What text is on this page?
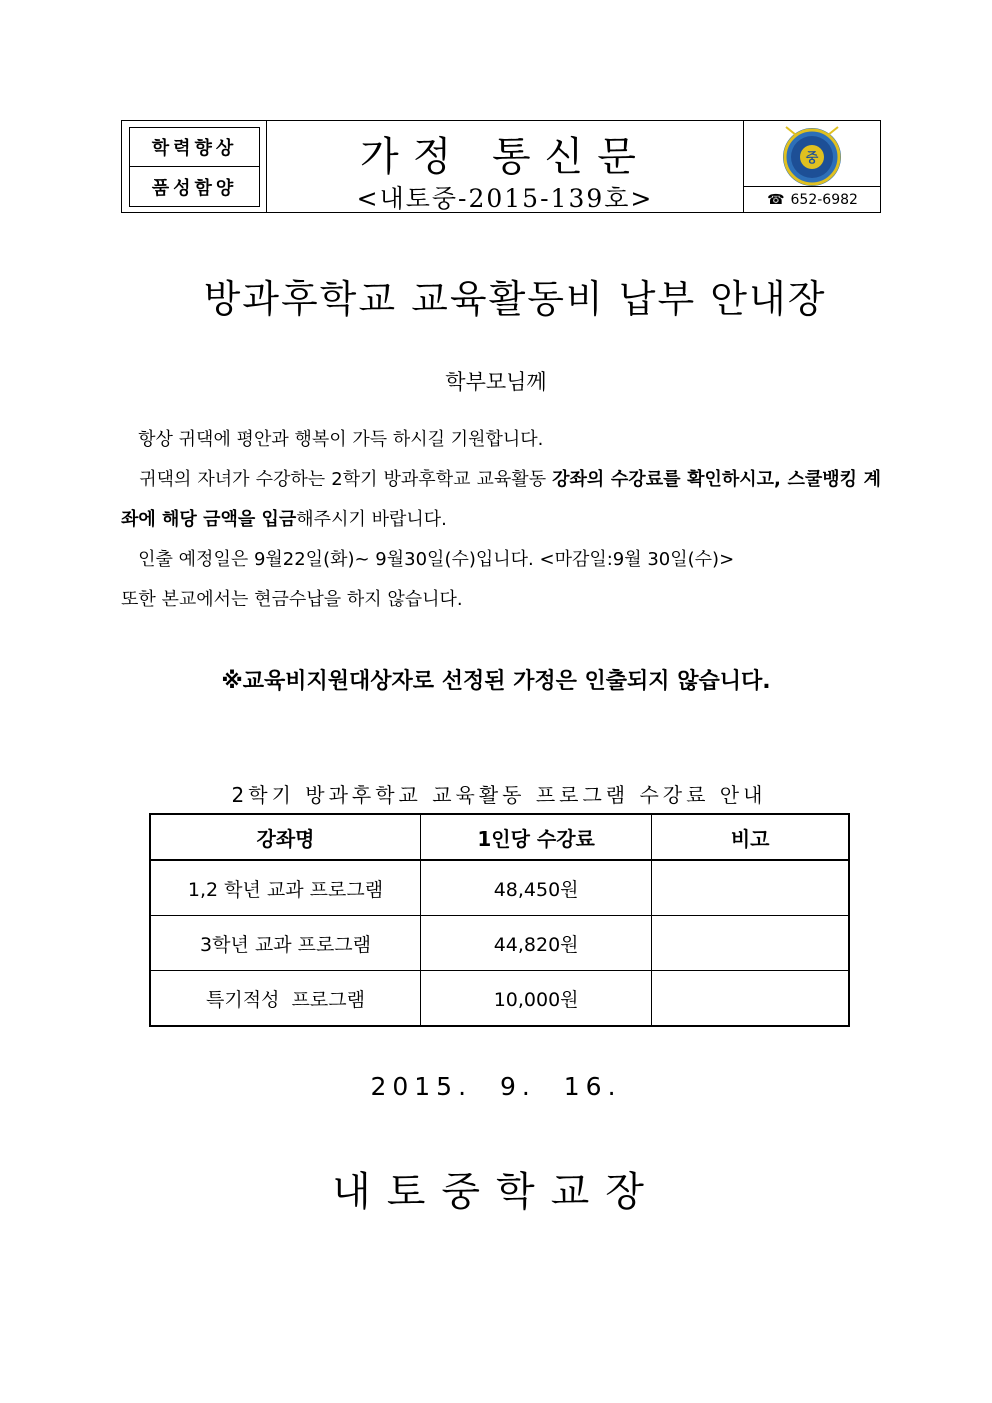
학력향상
품성함양
가정 통신문
<내토중-2015-139호>
중
☎ 652-6982
방과후학교 교육활동비 납부 안내장
학부모님께
항상 귀댁에 평안과 행복이 가득 하시길 기원합니다.
귀댁의 자녀가 수강하는 2학기 방과후학교 교육활동 강좌의 수강료를 확인하시고, 스쿨뱅킹 계좌에 해당 금액을 입금해주시기 바랍니다.
인출 예정일은 9월22일(화)~ 9월30일(수)입니다. <마감일:9월 30일(수)>
또한 본교에서는 현금수납을 하지 않습니다.
※교육비지원대상자로 선정된 가정은 인출되지 않습니다.
2학기 방과후학교 교육활동 프로그램 수강료 안내
강좌명	1인당 수강료	비고
1,2 학년 교과 프로그램	48,450원	
3학년 교과 프로그램	44,820원	
특기적성  프로그램	10,000원	
2015. 9. 16.
내토중학교장
